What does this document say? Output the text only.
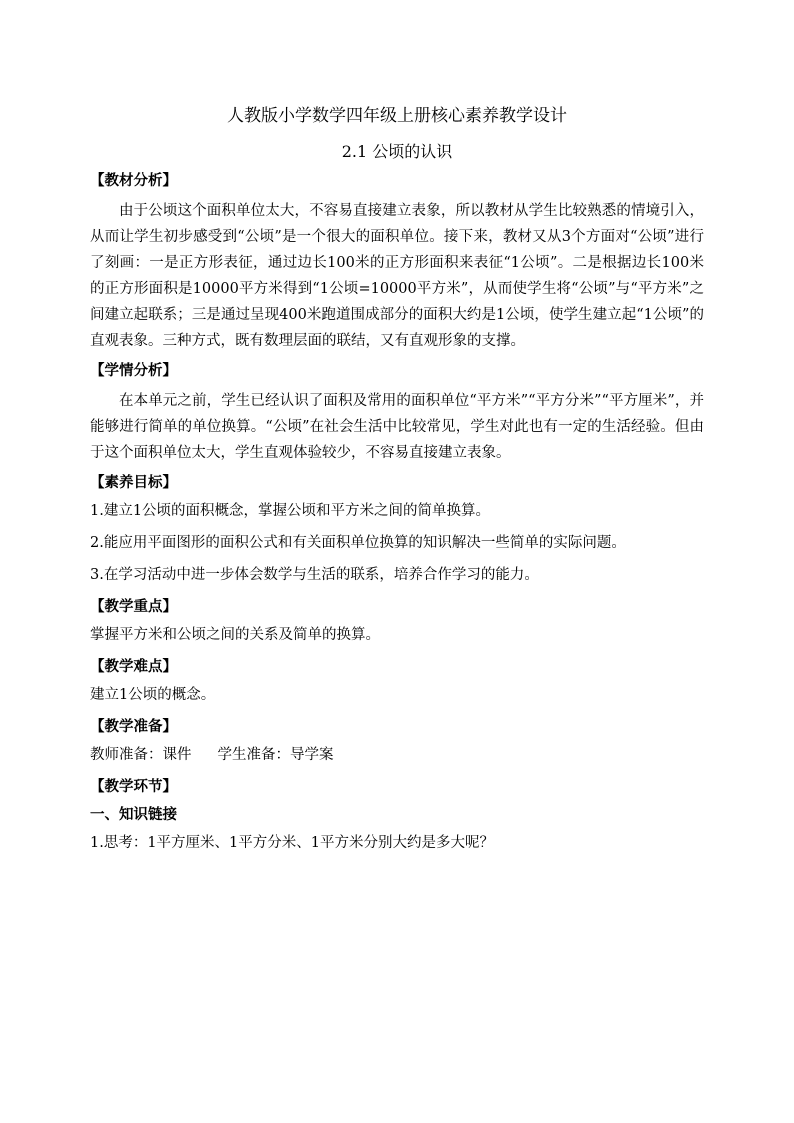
人教版小学数学四年级上册核心素养教学设计
2.1 公顷的认识
【教材分析】

由于公顷这个面积单位太大，不容易直接建立表象，所以教材从学生比较熟悉的情境引入，从而让学生初步感受到“公顷”是一个很大的面积单位。接下来，教材又从3个方面对“公顷”进行了刻画：一是正方形表征，通过边长100米的正方形面积来表征“1公顷”。二是根据边长100米的正方形面积是10000平方米得到“1公顷=10000平方米”，从而使学生将“公顷”与“平方米”之间建立起联系；三是通过呈现400米跑道围成部分的面积大约是1公顷，使学生建立起“1公顷”的直观表象。三种方式，既有数理层面的联结，又有直观形象的支撑。

【学情分析】

在本单元之前，学生已经认识了面积及常用的面积单位“平方米”“平方分米”“平方厘米”，并能够进行简单的单位换算。“公顷”在社会生活中比较常见，学生对此也有一定的生活经验。但由于这个面积单位太大，学生直观体验较少，不容易直接建立表象。

【素养目标】
1.建立1公顷的面积概念，掌握公顷和平方米之间的简单换算。
2.能应用平面图形的面积公式和有关面积单位换算的知识解决一些简单的实际问题。
3.在学习活动中进一步体会数学与生活的联系，培养合作学习的能力。
【教学重点】
掌握平方米和公顷之间的关系及简单的换算。
【教学难点】
建立1公顷的概念。
【教学准备】
教师准备：课件 学生准备：导学案
【教学环节】
一、知识链接
1.思考：1平方厘米、1平方分米、1平方米分别大约是多大呢？
